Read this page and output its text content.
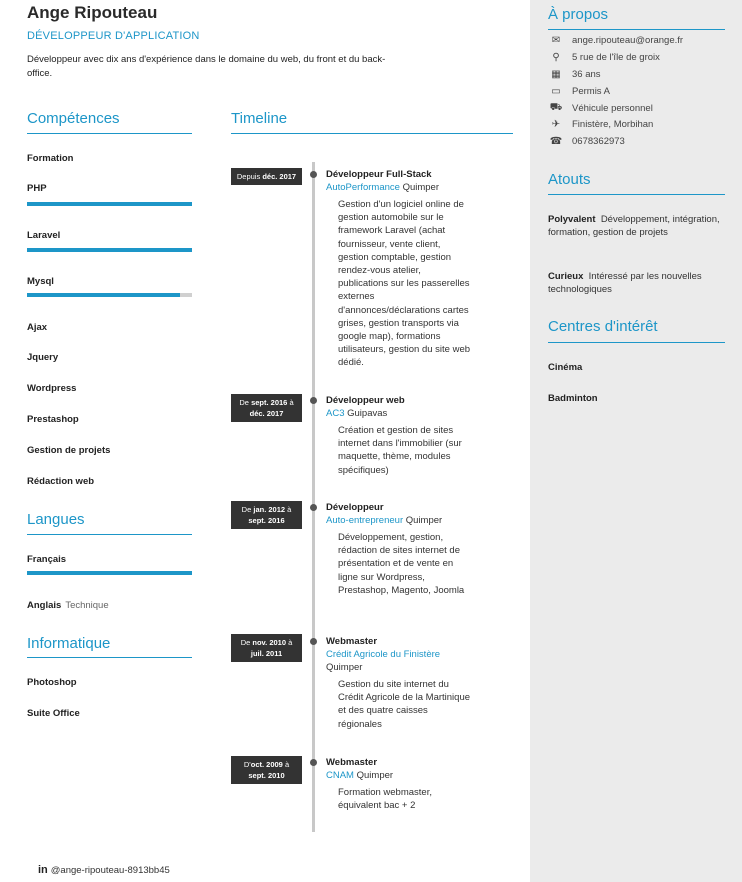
Ange Ripouteau
DÉVELOPPEUR D'APPLICATION
Développeur avec dix ans d'expérience dans le domaine du web, du front et du back-office.
Compétences
Formation
PHP
Laravel
Mysql
Ajax
Jquery
Wordpress
Prestashop
Gestion de projets
Rédaction web
Langues
Français
Anglais Technique
Informatique
Photoshop
Suite Office
Timeline
Depuis déc. 2017	Développeur Full-Stack
AutoPerformance Quimper
Gestion d'un logiciel online de gestion automobile sur le framework Laravel (achat fournisseur, vente client, gestion comptable, gestion rendez-vous atelier, publications sur les passerelles externes d'annonces/déclarations cartes grises, gestion transports via google map), formations utilisateurs, gestion du site web dédié.
De sept. 2016 à
déc. 2017
Développeur web
AC3 Guipavas
Création et gestion de sites internet dans l'immobilier (sur maquette, thème, modules spécifiques)
De jan. 2012 à
sept. 2016
Développeur
Auto-entrepreneur Quimper
Développement, gestion, rédaction de sites internet de présentation et de vente en ligne sur Wordpress, Prestashop, Magento, Joomla
De nov. 2010 à
juil. 2011
Webmaster
Crédit Agricole du Finistère Quimper
Gestion du site internet du Crédit Agricole de la Martinique et des quatre caisses régionales
D'oct. 2009 à
sept. 2010
Webmaster
CNAM Quimper
Formation webmaster, équivalent bac + 2
in @ange-ripouteau-8913bb45
À propos
✉	ange.ripouteau@orange.fr
⚲	5 rue de l'île de groix
▦	36 ans
▭	Permis A
⛟ Véhicule personnel
✈	Finistère, Morbihan
☎ 0678362973
Atouts
Polyvalent Développement, intégration, formation, gestion de projets
Curieux Intéressé par les nouvelles technologiques
Centres d'intérêt
Cinéma
Badminton
